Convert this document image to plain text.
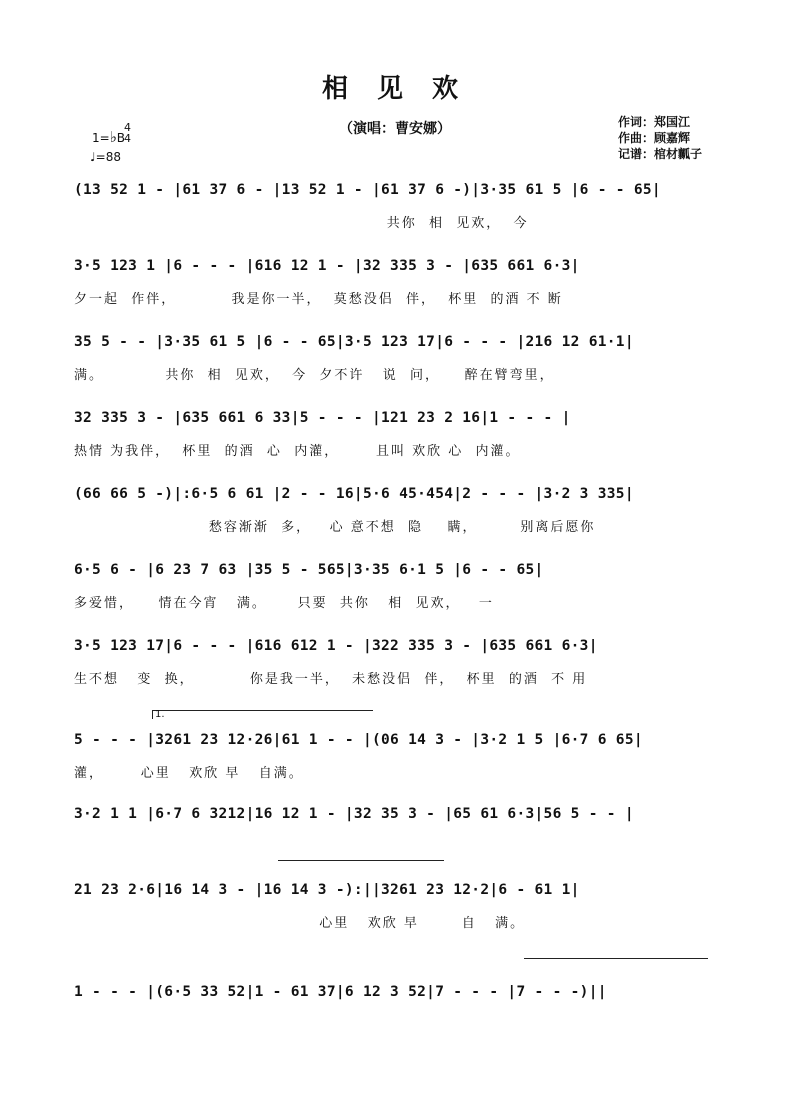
相 见 欢
（演唱：曹安娜）
1=♭B
4
4
♩=88
作词：郑国江
作曲：顾嘉辉
记谱：棺材瓤子
(13 52 1 - |61 37 6 - |13 52 1 - |61 37 6 -)|3·35 61 5 |6 - - 65|
共你  相  见欢，  今
3·5 123 1 |6 - - - |616 12 1 - |32 335 3 - |635 661 6·3|
夕一起  作伴，         我是你一半，  莫愁没侣  伴，  杯里  的酒 不 断
35 5 - - |3·35 61 5 |6 - - 65|3·5 123 17|6 - - - |216 12 61·1|
满。          共你  相  见欢，  今  夕不许   说  问，    醉在臂弯里，
32 335 3 - |635 661 6 33|5 - - - |121 23 2 16|1 - - - |
热情 为我伴，  杯里  的酒  心  内灌，      且叫 欢欣 心  内灌。
(66 66 5 -)|:6·5 6 61 |2 - - 16|5·6 45·454|2 - - - |3·2 3 335|
愁容渐渐  多，   心 意不想  隐    瞒，       别离后愿你
6·5 6 - |6 23 7 63 |35 5 - 565|3·35 6·1 5 |6 - - 65|
多爱惜，    情在今宵   满。     只要  共你   相  见欢，   一
3·5 123 17|6 - - - |616 612 1 - |322 335 3 - |635 661 6·3|
生不想   变  换，         你是我一半，  未愁没侣  伴，  杯里  的酒  不 用
1.
5 - - - |3261 23 12·26|61 1 - - |(06 14 3 - |3·2 1 5 |6·7 6 65|
灌，      心里   欢欣 早   自满。
3·2 1 1 |6·7 6 3212|16 12 1 - |32 35 3 - |65 61 6·3|56 5 - - |
21 23 2·6|16 14 3 - |16 14 3 -):||3261 23 12·2|6 - 61 1|
心里   欢欣 早       自   满。
1 - - - |(6·5 33 52|1 - 61 37|6 12 3 52|7 - - - |7 - - -)||
